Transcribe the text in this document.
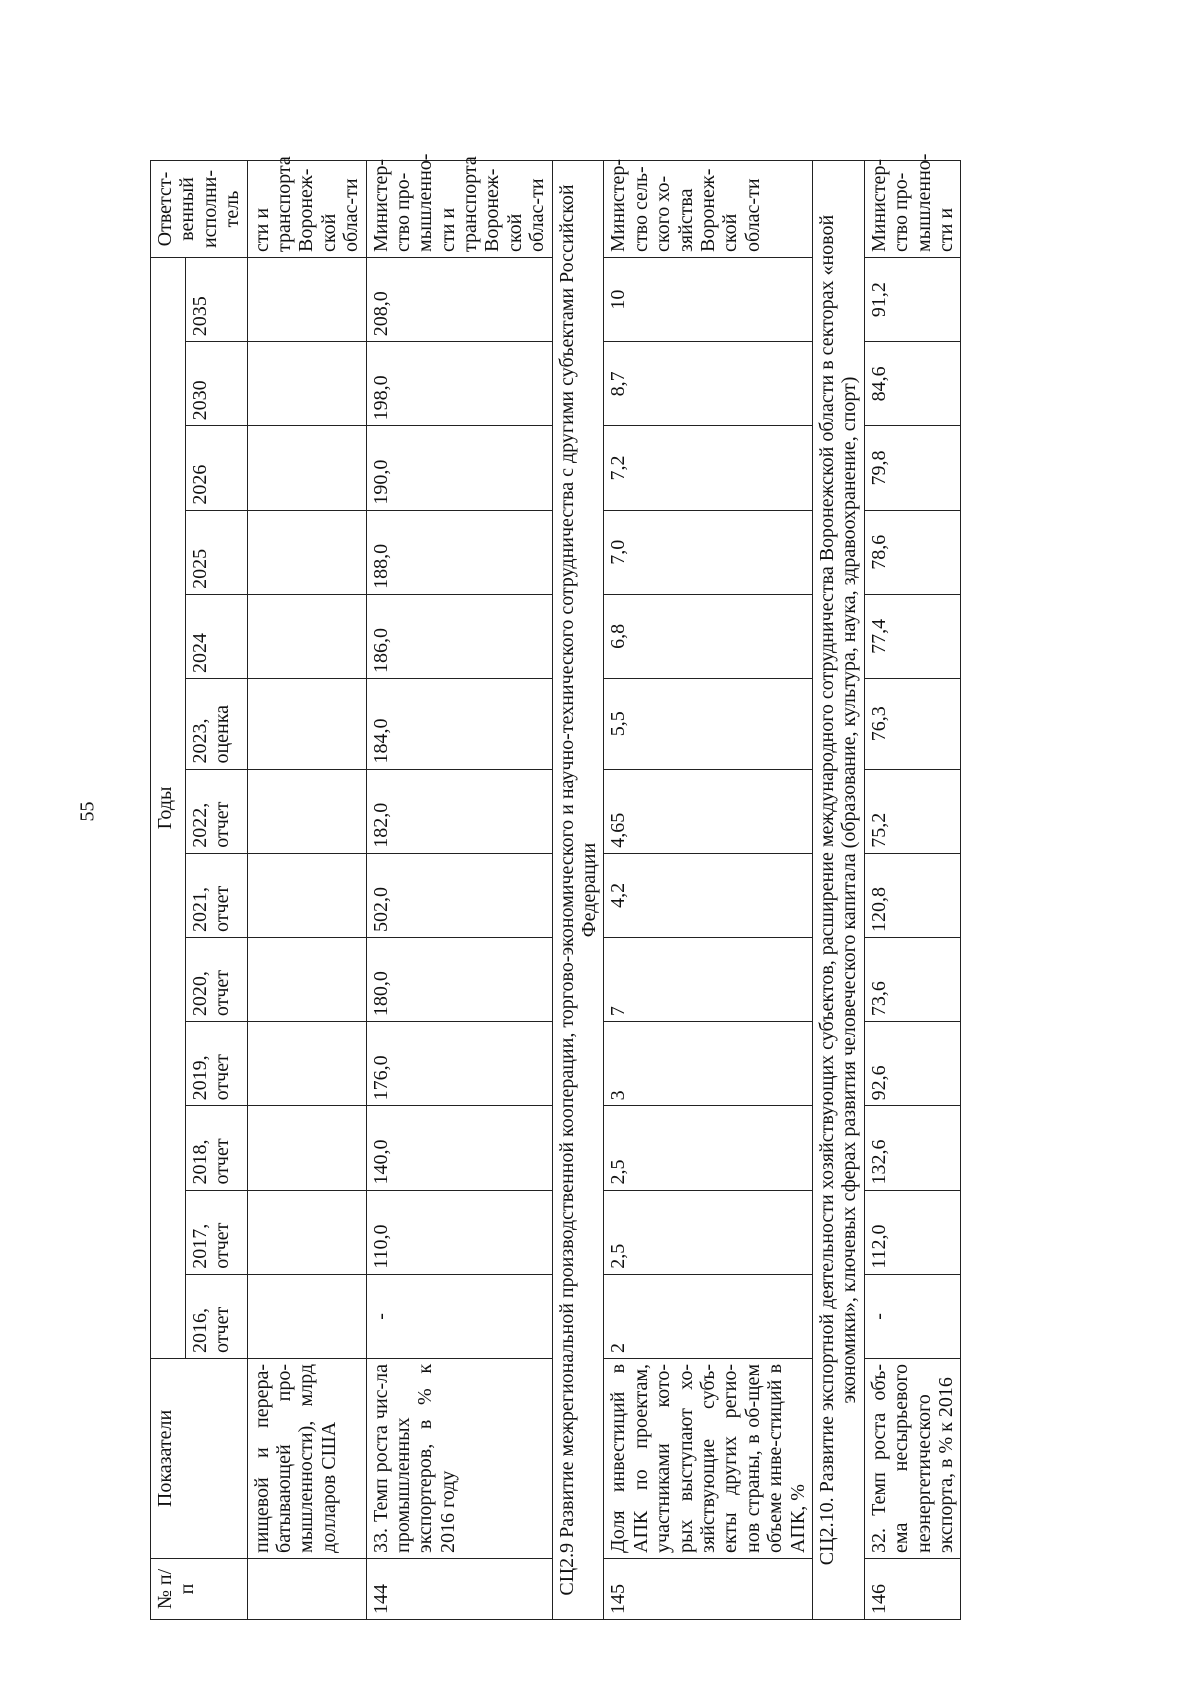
55
№ п/п	Показатели	Годы													Ответст-венный исполни-тель
		2016, отчет	2017, отчет	2018, отчет	2019, отчет	2020, отчет	2021, отчет	2022, отчет	2023, оценка	2024	2025	2026	2030	2035	
	пищевой и перера-батывающей про-мышленности), млрд долларов США														сти и транспорта Воронеж-ской облас-ти
144	33. Темп роста чис-ла промышленных экспортеров, в % к 2016 году	-	110,0	140,0	176,0	180,0	502,0	182,0	184,0	186,0	188,0	190,0	198,0	208,0	Министер-ство про-мышленно-сти и транспорта Воронеж-ской облас-ти
СЦ2.9 Развитие межрегиональной производственной кооперации, торгово-экономического и научно-технического сотрудничества с другими субъектами Российской Федерации															
145	Доля инвестиций в АПК по проектам, участниками кото-рых выступают хо-зяйствующие субъ-екты других регио-нов страны, в об-щем объеме инве-стиций в АПК, %	2	2,5	2,5	3	7	4,2	4,65	5,5	6,8	7,0	7,2	8,7	10	Министер-ство сель-ского хо-зяйства Воронеж-ской облас-ти
СЦ2.10. Развитие экспортной деятельности хозяйствующих субъектов, расширение международного сотрудничества Воронежской области в секторах «новой экономики», ключевых сферах развития человеческого капитала (образование, культура, наука, здравоохранение, спорт)															
146	32. Темп роста объ-ема несырьевого неэнергетического экспорта, в % к 2016	-	112,0	132,6	92,6	73,6	120,8	75,2	76,3	77,4	78,6	79,8	84,6	91,2	Министер-ство про-мышленно-сти и
